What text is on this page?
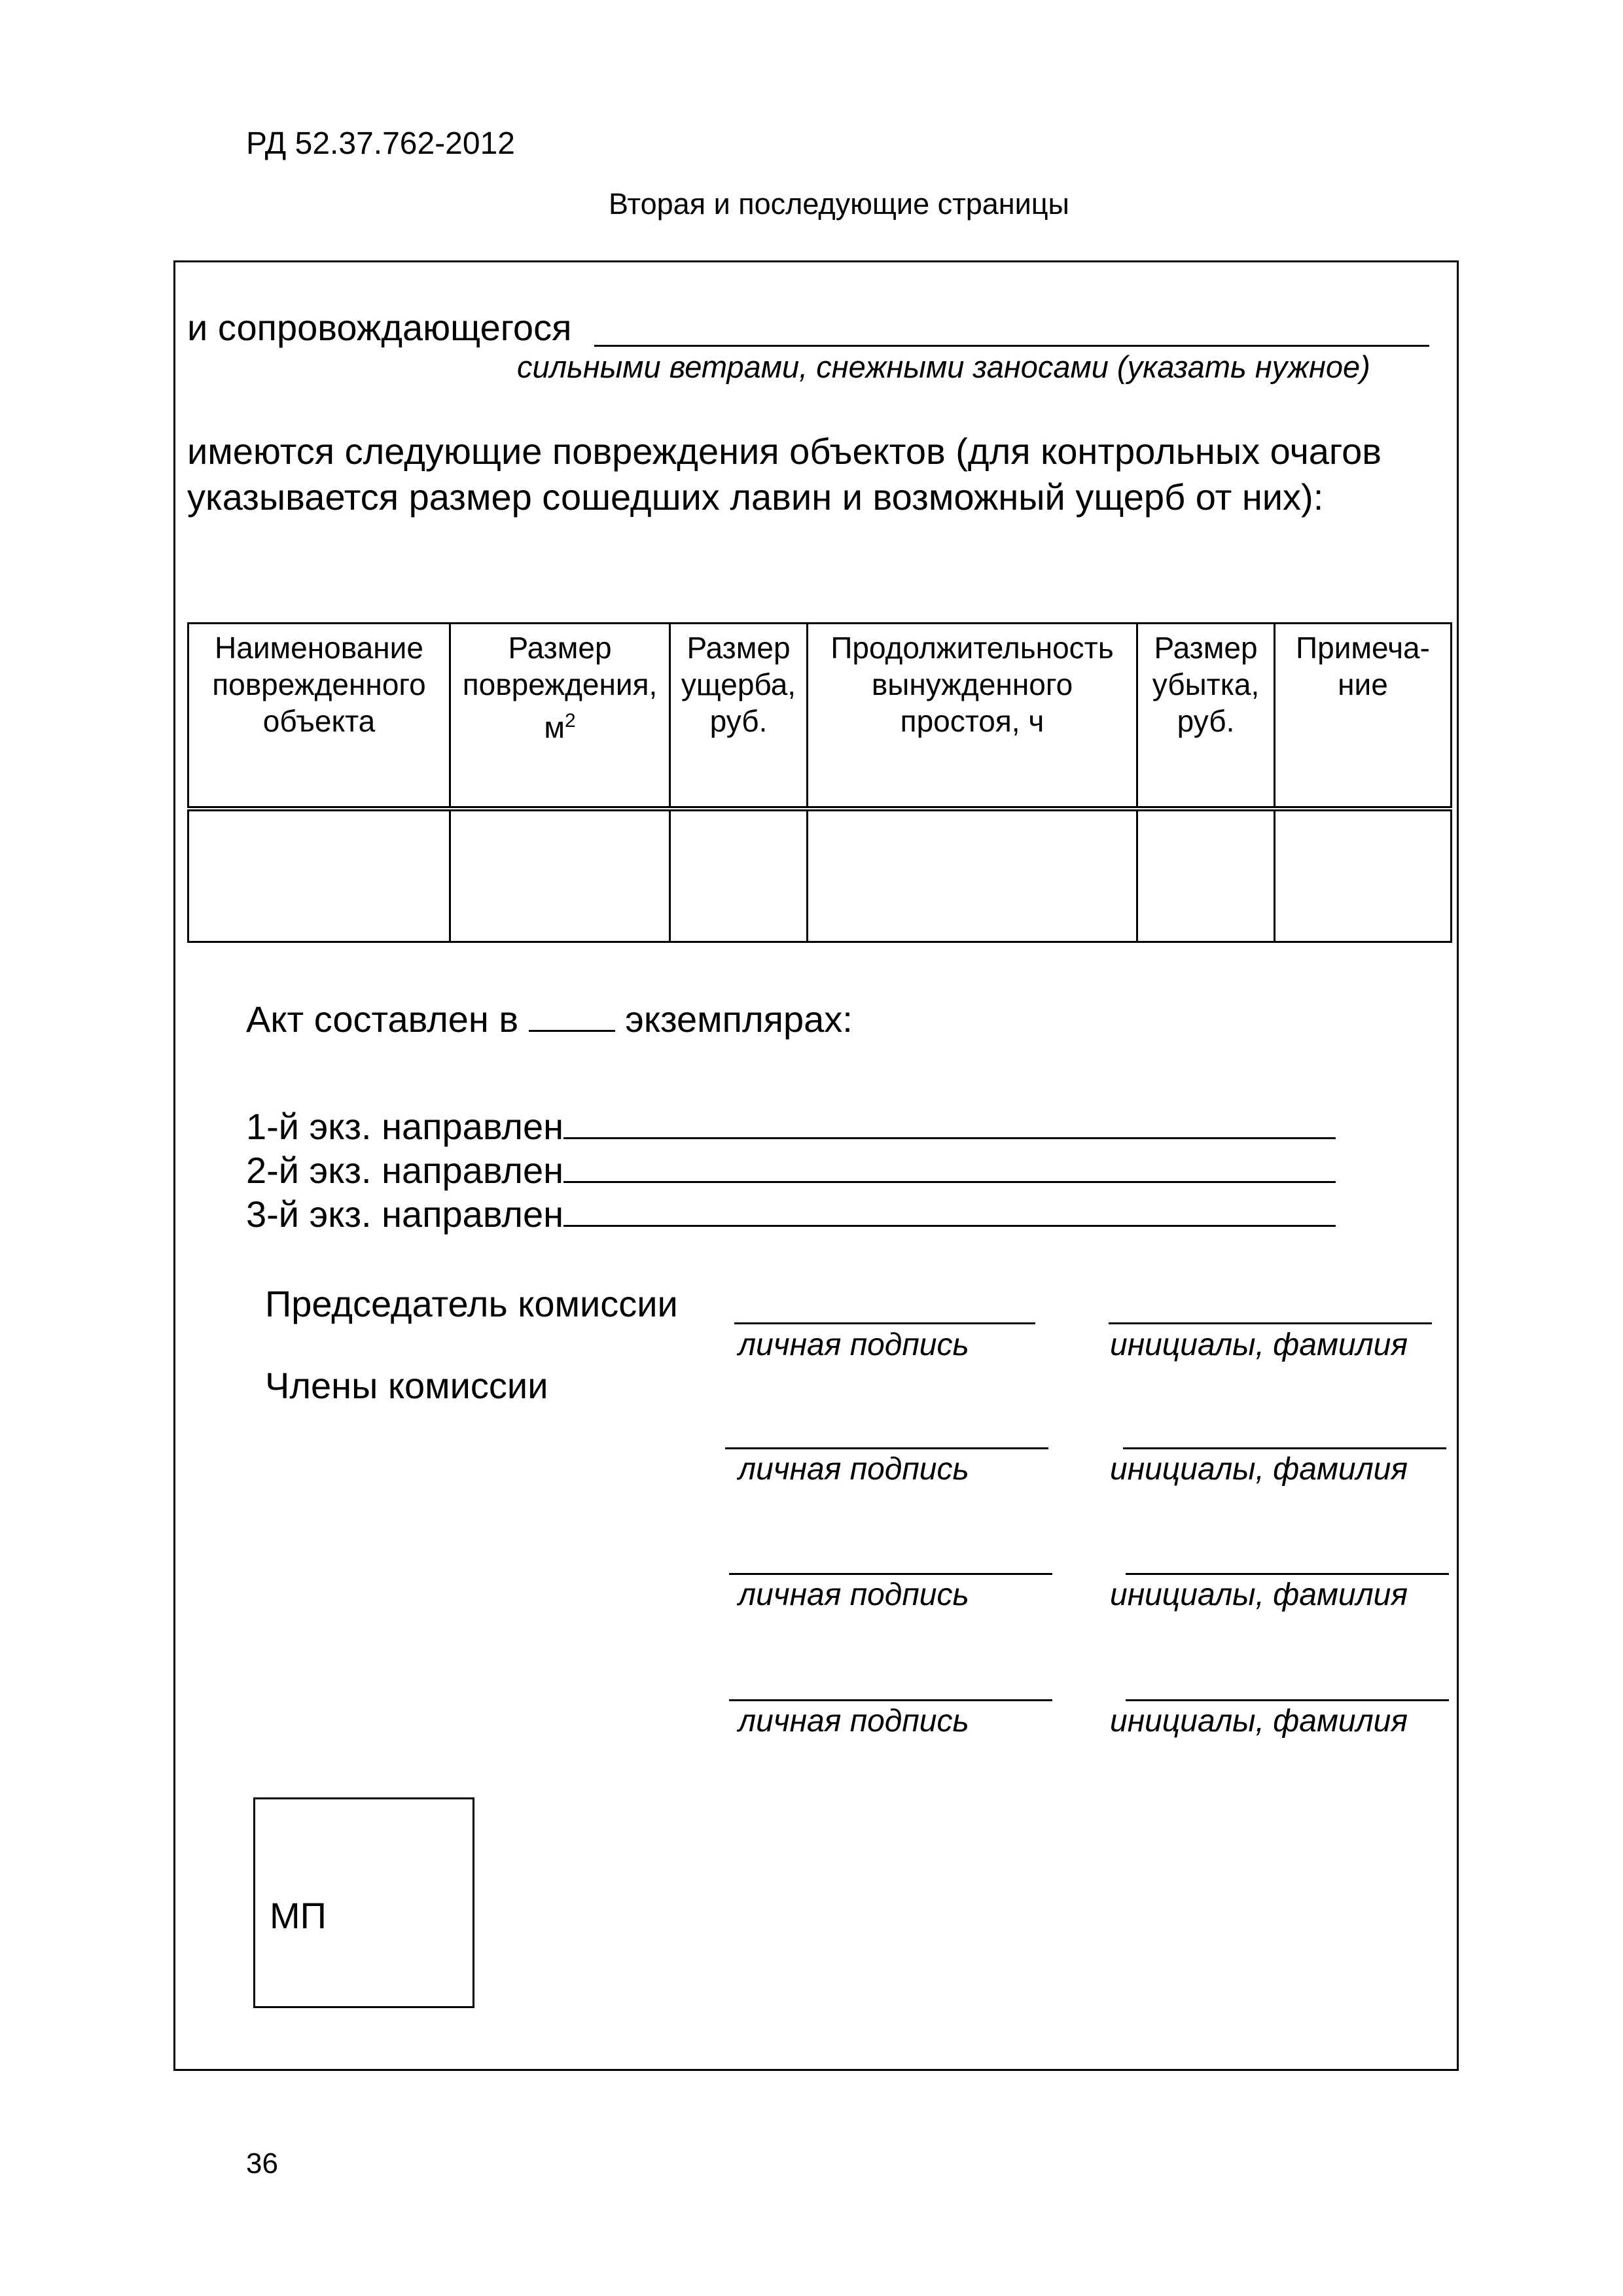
РД 52.37.762-2012
Вторая и последующие страницы
и сопровождающегося
сильными ветрами, снежными заносами (указать нужное)
имеются следующие повреждения объектов (для контрольных очагов указывается размер сошедших лавин и возможный ущерб от них):
Наименование поврежденного объекта	Размер повреждения, $м^2$	Размер ущерба, руб.	Продолжительность вынужденного простоя, ч	Размер убытка, руб.	Примеча-ние

Акт составлен в	экземплярах:
1-й экз. направлен
2-й экз. направлен
3-й экз. направлен
Председатель комиссии
личная подпись	инициалы, фамилия
Члены комиссии
личная подпись	инициалы, фамилия
личная подпись	инициалы, фамилия
личная подпись	инициалы, фамилия
МП
36
